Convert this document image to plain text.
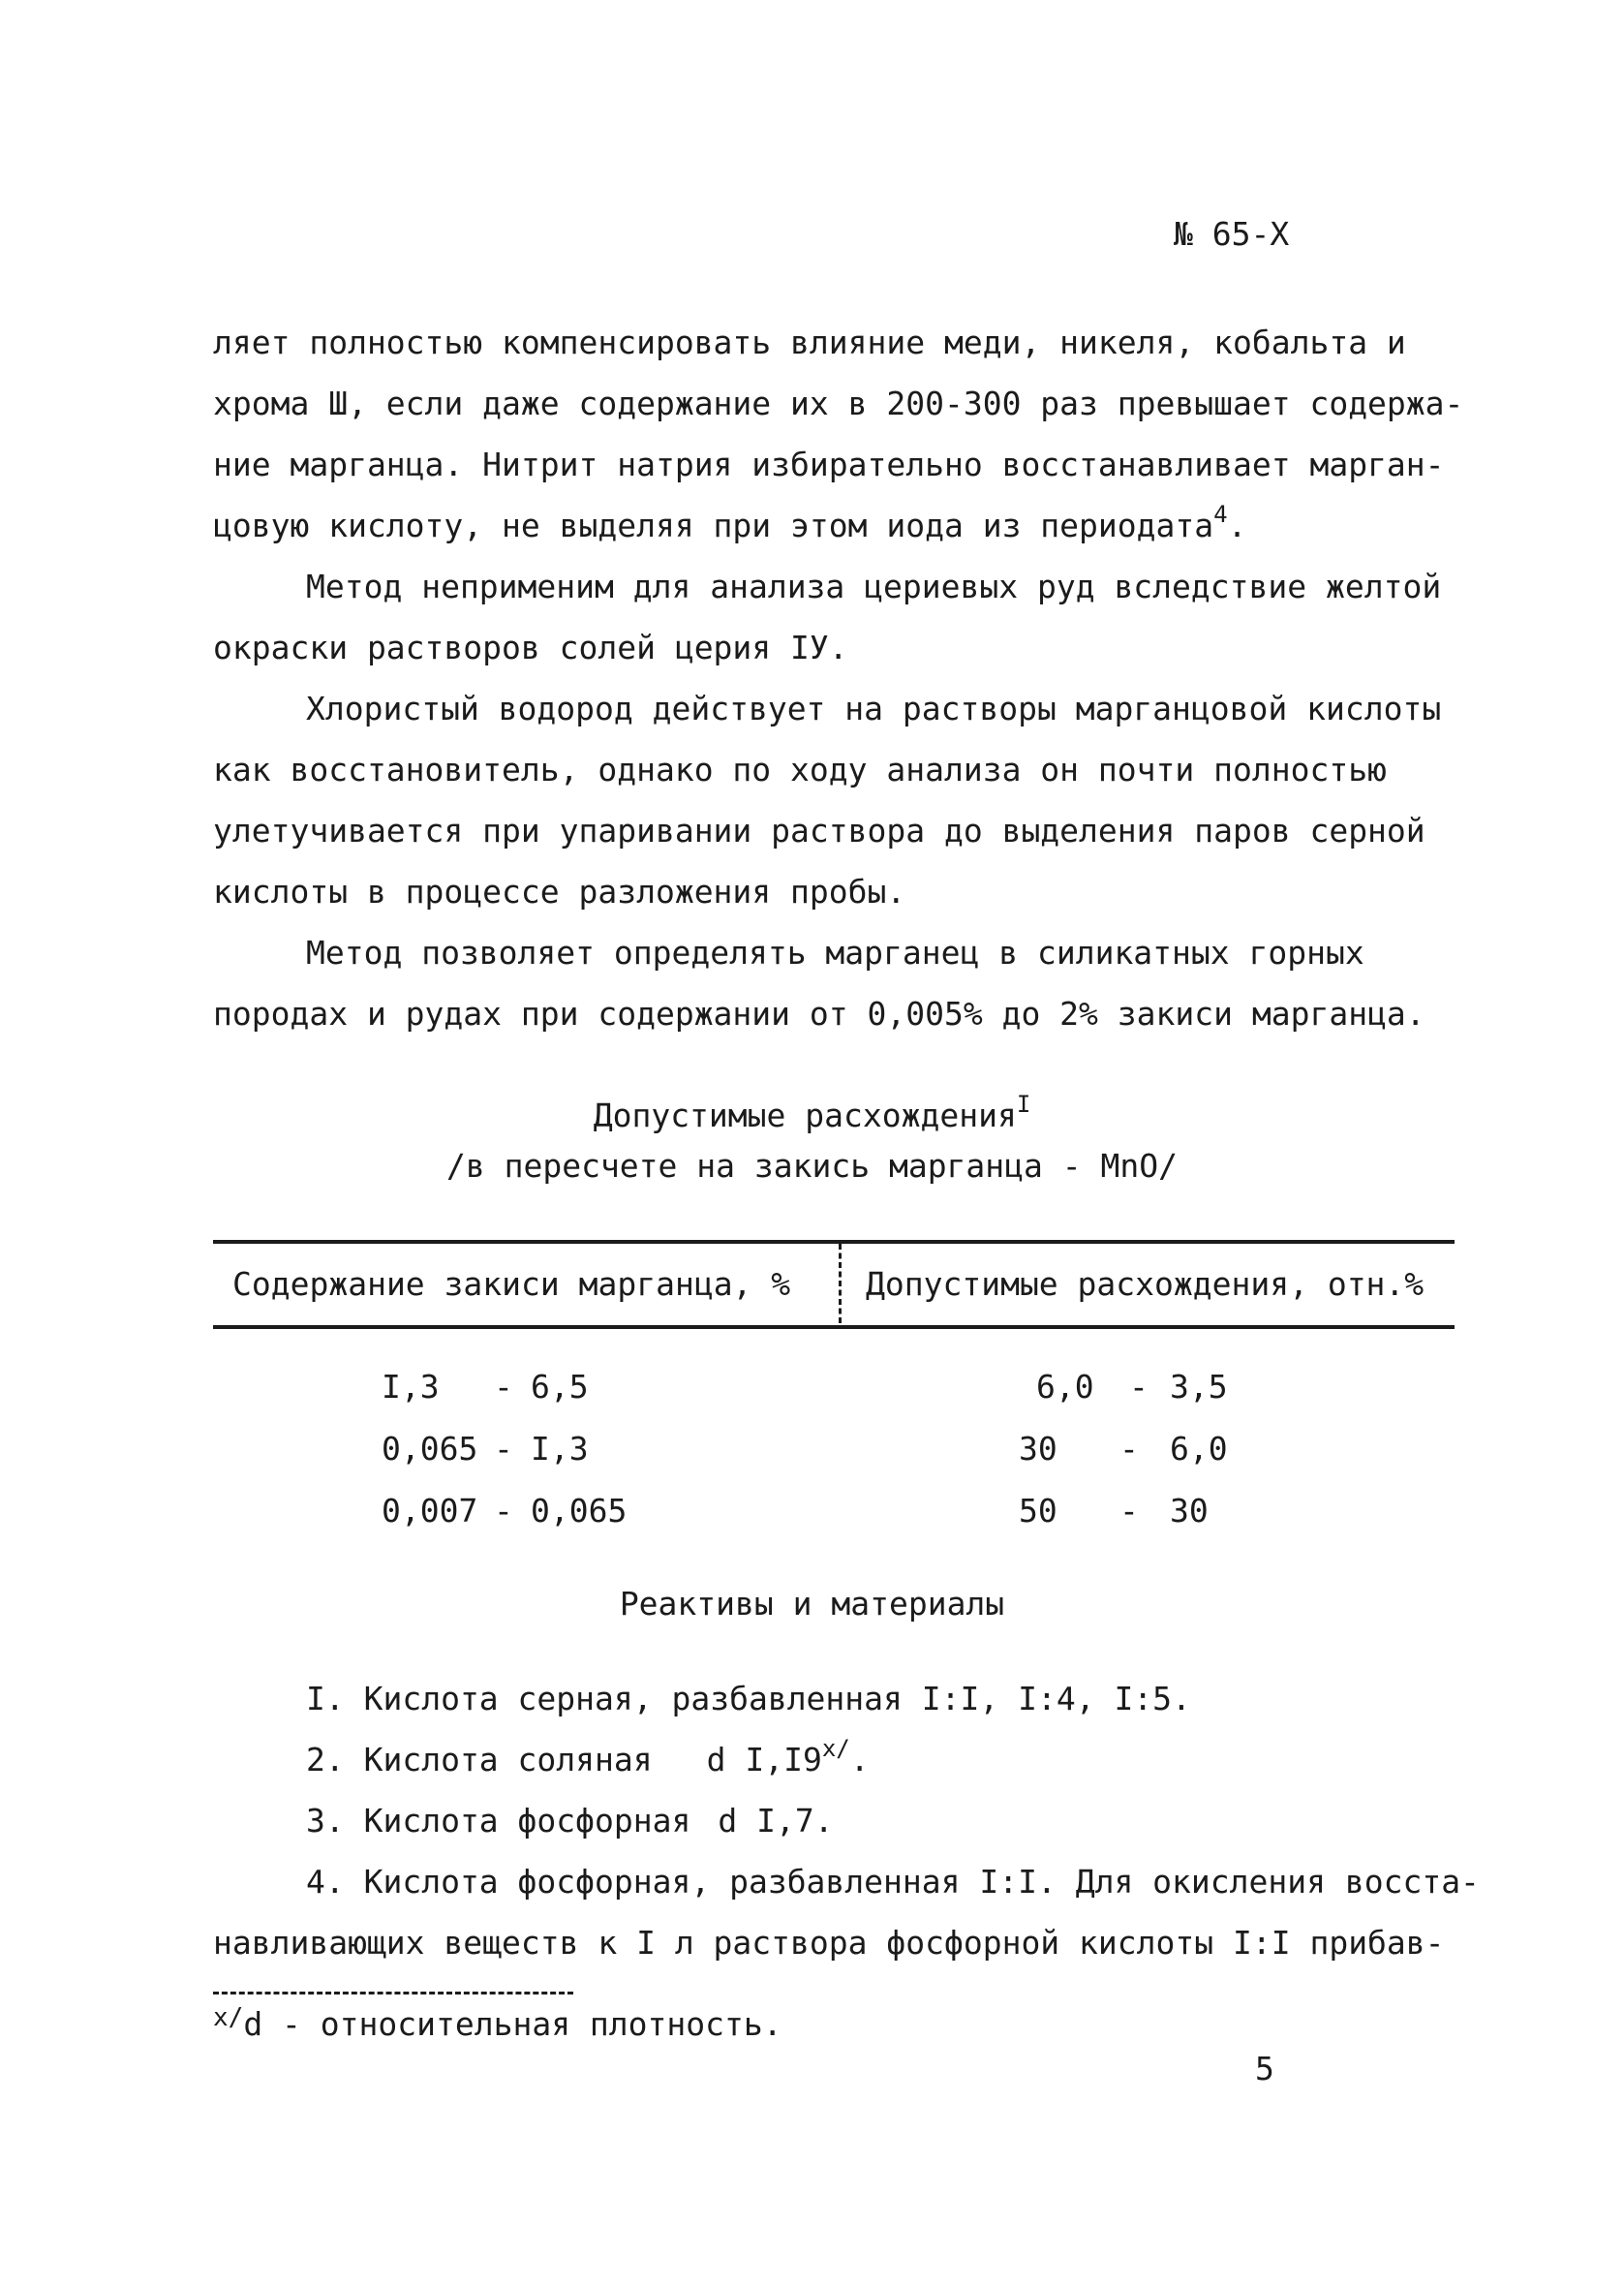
№ 65-Х
ляет полностью компенсировать влияние меди, никеля, кобальта и
хрома Ш, если даже содержание их в 200-300 раз превышает содержа-
ние марганца. Нитрит натрия избирательно восстанавливает марган-
цовую кислоту, не выделяя при этом иода из периодата$^4$.
Метод неприменим для анализа цериевых руд вследствие желтой
окраски растворов солей церия IУ.
Хлористый водород действует на растворы марганцовой кислоты
как восстановитель, однако по ходу анализа он почти полностью
улетучивается при упаривании раствора до выделения паров серной
кислоты в процессе разложения пробы.
Метод позволяет определять марганец в силикатных горных
породах и рудах при содержании от 0,005% до 2% закиси марганца.
Допустимые расхождения$^I$
/в пересчете на закись марганца - MnO/
Содержание закиси марганца, % Допустимые расхождения, отн.%
I,3 - 6,5	6,0 - 3,5
0,065 - I,3	30 - 6,0
0,007 - 0,065	50 - 30
Реактивы и материалы
I. Кислота серная, разбавленная I:I, I:4, I:5.
2. Кислота соляная d $I,I9^{x/}$.
3. Кислота фосфорная d I,7.
4. Кислота фосфорная, разбавленная I:I. Для окисления восста-
навливающих веществ к I л раствора фосфорной кислоты I:I прибав-
$^{x/}$d - относительная плотность.
5
